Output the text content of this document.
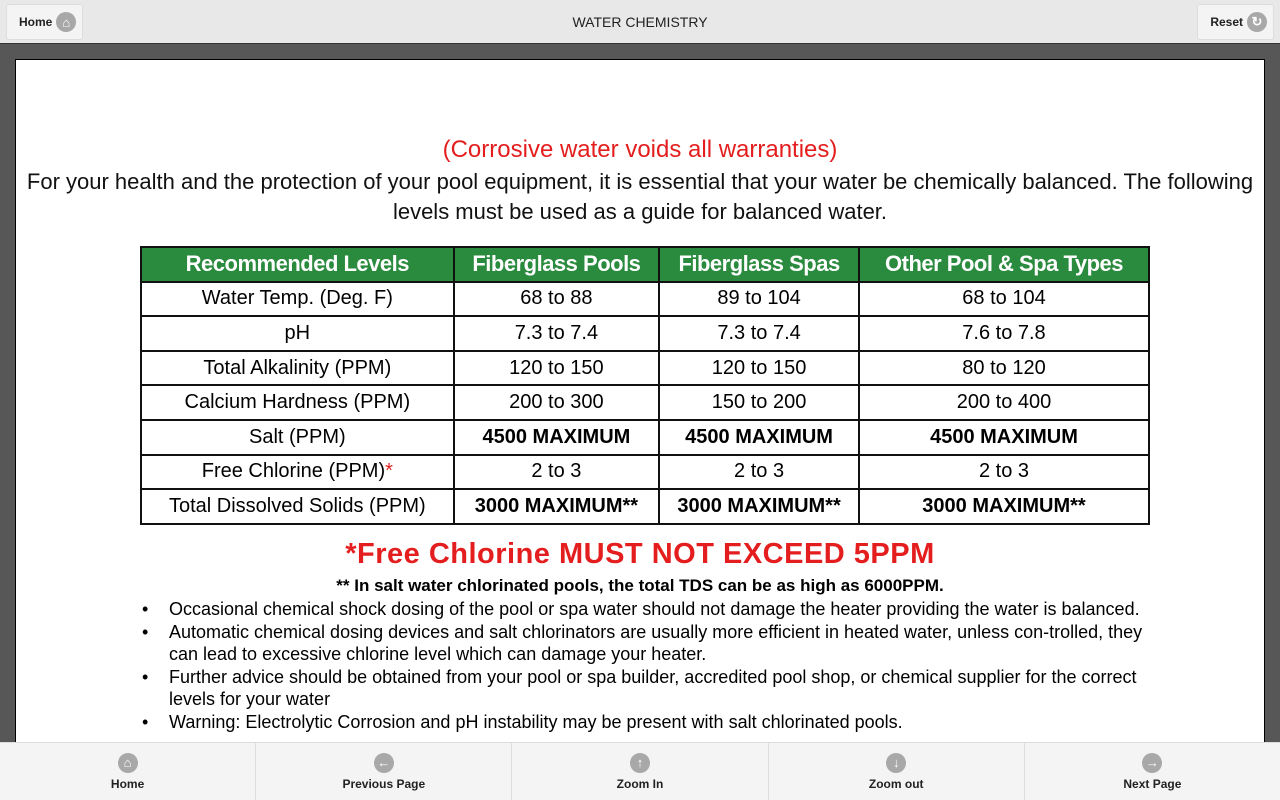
Home ⌂	WATER CHEMISTRY	Reset ↻
(Corrosive water voids all warranties)
For your health and the protection of your pool equipment, it is essential that your water be chemically balanced. The following levels must be used as a guide for balanced water.
Recommended Levels	Fiberglass Pools	Fiberglass Spas	Other Pool & Spa Types
Water Temp. (Deg. F)	68 to 88	89 to 104	68 to 104
pH	7.3 to 7.4	7.3 to 7.4	7.6 to 7.8
Total Alkalinity (PPM)	120 to 150	120 to 150	80 to 120
Calcium Hardness (PPM)	200 to 300	150 to 200	200 to 400
Salt (PPM)	4500 MAXIMUM	4500 MAXIMUM	4500 MAXIMUM
Free Chlorine (PPM)*	2 to 3	2 to 3	2 to 3
Total Dissolved Solids (PPM)	3000 MAXIMUM**	3000 MAXIMUM**	3000 MAXIMUM**
*Free Chlorine MUST NOT EXCEED 5PPM
** In salt water chlorinated pools, the total TDS can be as high as 6000PPM.
• Occasional chemical shock dosing of the pool or spa water should not damage the heater providing the water is balanced.
• Automatic chemical dosing devices and salt chlorinators are usually more efficient in heated water, unless con-trolled, they can lead to excessive chlorine level which can damage your heater.
• Further advice should be obtained from your pool or spa builder, accredited pool shop, or chemical supplier for the correct levels for your water
• Warning: Electrolytic Corrosion and pH instability may be present with salt chlorinated pools.
⌂
Home
←
Previous Page
↑
Zoom In
↓
Zoom out
→
Next Page
